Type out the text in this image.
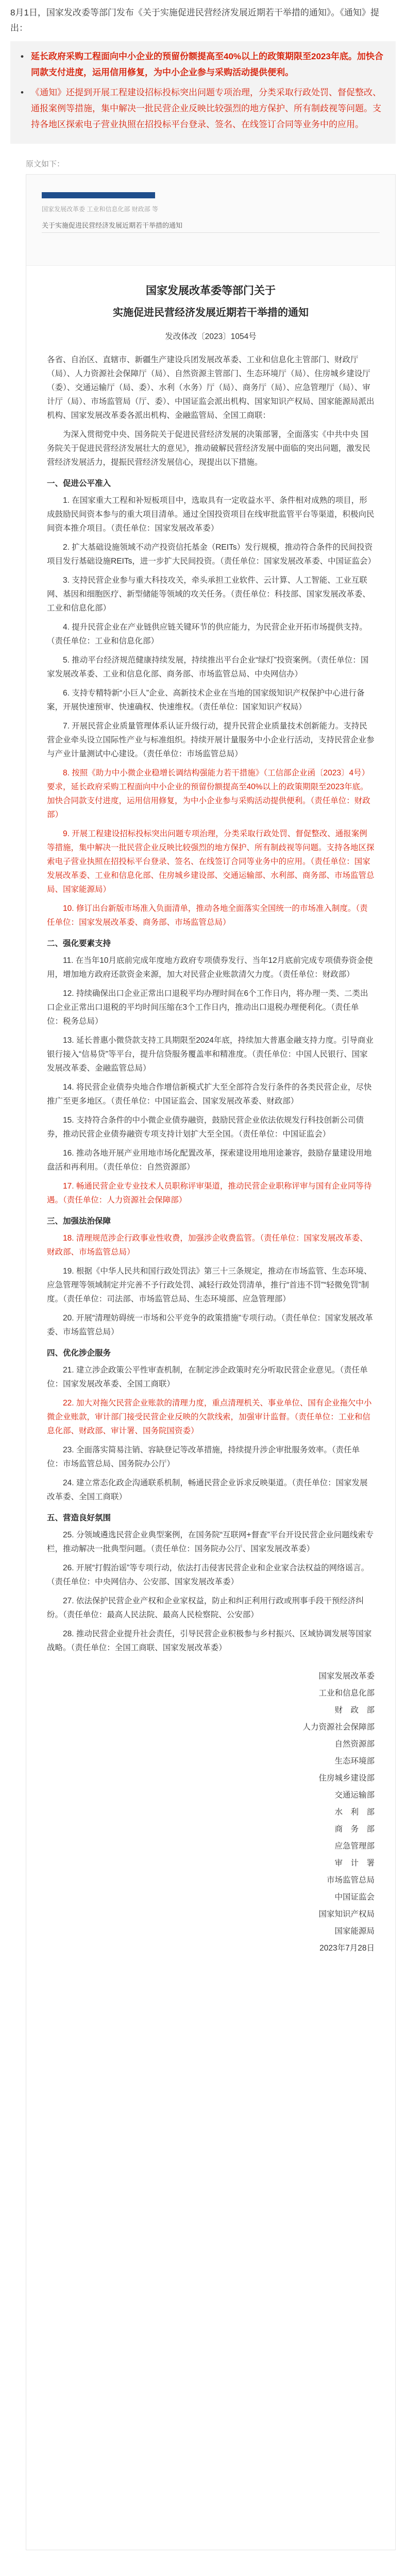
8月1日，国家发改委等部门发布《关于实施促进民营经济发展近期若干举措的通知》。《通知》提出：

• 延长政府采购工程面向中小企业的预留份额提高至40%以上的政策期限至2023年底。加快合同款支付进度，运用信用修复，为中小企业参与采购活动提供便利。
• 《通知》还提到开展工程建设招标投标突出问题专项治理，分类采取行政处罚、督促整改、通报案例等措施，集中解决一批民营企业反映比较强烈的地方保护、所有制歧视等问题。支持各地区探索电子营业执照在招投标平台登录、签名、在线签订合同等业务中的应用。
原文如下：
国家发展改革委 工业和信息化部 财政部 等
关于实施促进民营经济发展近期若干举措的通知
国家发展改革委等部门关于
实施促进民营经济发展近期若干举措的通知
发改体改〔2023〕1054号

各省、自治区、直辖市、新疆生产建设兵团发展改革委、工业和信息化主管部门、财政厅（局）、人力资源社会保障厅（局）、自然资源主管部门、生态环境厅（局）、住房城乡建设厅（委）、交通运输厅（局、委）、水利（水务）厅（局）、商务厅（局）、应急管理厅（局）、审计厅（局）、市场监管局（厅、委）、中国证监会派出机构、国家知识产权局、国家能源局派出机构、国家发展改革委各派出机构、金融监管局、全国工商联：

为深入贯彻党中央、国务院关于促进民营经济发展的决策部署，全面落实《中共中央 国务院关于促进民营经济发展壮大的意见》，推动破解民营经济发展中面临的突出问题，激发民营经济发展活力，提振民营经济发展信心，现提出以下措施。

一、促进公平准入

1. 在国家重大工程和补短板项目中，选取具有一定收益水平、条件相对成熟的项目，形成鼓励民间资本参与的重大项目清单。通过全国投资项目在线审批监管平台等渠道，积极向民间资本推介项目。（责任单位：国家发展改革委）

2. 扩大基础设施领域不动产投资信托基金（REITs）发行规模，推动符合条件的民间投资项目发行基础设施REITs，进一步扩大民间投资。（责任单位：国家发展改革委、中国证监会）

3. 支持民营企业参与重大科技攻关，牵头承担工业软件、云计算、人工智能、工业互联网、基因和细胞医疗、新型储能等领域的攻关任务。（责任单位：科技部、国家发展改革委、工业和信息化部）

4. 提升民营企业在产业链供应链关键环节的供应能力，为民营企业开拓市场提供支持。（责任单位：工业和信息化部）

5. 推动平台经济规范健康持续发展，持续推出平台企业“绿灯”投资案例。（责任单位：国家发展改革委、工业和信息化部、商务部、市场监管总局、中央网信办）

6. 支持专精特新“小巨人”企业、高新技术企业在当地的国家级知识产权保护中心进行备案，开展快速预审、快速确权、快速维权。（责任单位：国家知识产权局）

7. 开展民营企业质量管理体系认证升级行动，提升民营企业质量技术创新能力。支持民营企业牵头设立国际性产业与标准组织。持续开展计量服务中小企业行活动，支持民营企业参与产业计量测试中心建设。（责任单位：市场监管总局）

8. 按照《助力中小微企业稳增长调结构强能力若干措施》（工信部企业函〔2023〕4号）要求，延长政府采购工程面向中小企业的预留份额提高至40%以上的政策期限至2023年底。加快合同款支付进度，运用信用修复，为中小企业参与采购活动提供便利。（责任单位：财政部）

9. 开展工程建设招标投标突出问题专项治理，分类采取行政处罚、督促整改、通报案例等措施，集中解决一批民营企业反映比较强烈的地方保护、所有制歧视等问题。支持各地区探索电子营业执照在招投标平台登录、签名、在线签订合同等业务中的应用。（责任单位：国家发展改革委、工业和信息化部、住房城乡建设部、交通运输部、水利部、商务部、市场监管总局、国家能源局）

10. 修订出台新版市场准入负面清单，推动各地全面落实全国统一的市场准入制度。（责任单位：国家发展改革委、商务部、市场监管总局）

二、强化要素支持

11. 在当年10月底前完成年度地方政府专项债券发行、当年12月底前完成专项债券资金使用，增加地方政府还款资金来源，加大对民营企业账款清欠力度。（责任单位：财政部）

12. 持续确保出口企业正常出口退税平均办理时间在6个工作日内，将办理一类、二类出口企业正常出口退税的平均时间压缩在3个工作日内，推动出口退税办理便利化。（责任单位：税务总局）

13. 延长普惠小微贷款支持工具期限至2024年底，持续加大普惠金融支持力度。引导商业银行接入“信易贷”等平台，提升信贷服务覆盖率和精准度。（责任单位：中国人民银行、国家发展改革委、金融监管总局）

14. 将民营企业债券央地合作增信新模式扩大至全部符合发行条件的各类民营企业，尽快推广至更多地区。（责任单位：中国证监会、国家发展改革委、财政部）

15. 支持符合条件的中小微企业债券融资，鼓励民营企业依法依规发行科技创新公司债券，推动民营企业债券融资专项支持计划扩大至全国。（责任单位：中国证监会）

16. 推动各地开展产业用地市场化配置改革，探索建设用地用途兼容，鼓励存量建设用地盘活和再利用。（责任单位：自然资源部）

17. 畅通民营企业专业技术人员职称评审渠道，推动民营企业职称评审与国有企业同等待遇。（责任单位：人力资源社会保障部）

三、加强法治保障

18. 清理规范涉企行政事业性收费，加强涉企收费监管。（责任单位：国家发展改革委、财政部、市场监管总局）

19. 根据《中华人民共和国行政处罚法》第三十三条规定，推动在市场监管、生态环境、应急管理等领域制定并完善不予行政处罚、减轻行政处罚清单，推行“首违不罚”“轻微免罚”制度。（责任单位：司法部、市场监管总局、生态环境部、应急管理部）

20. 开展“清理妨碍统一市场和公平竞争的政策措施”专项行动。（责任单位：国家发展改革委、市场监管总局）

四、优化涉企服务

21. 建立涉企政策公平性审查机制，在制定涉企政策时充分听取民营企业意见。（责任单位：国家发展改革委、全国工商联）

22. 加大对拖欠民营企业账款的清理力度，重点清理机关、事业单位、国有企业拖欠中小微企业账款，审计部门接受民营企业反映的欠款线索，加强审计监督。（责任单位：工业和信息化部、财政部、审计署、国务院国资委）

23. 全面落实简易注销、容缺登记等改革措施，持续提升涉企审批服务效率。（责任单位：市场监管总局、国务院办公厅）

24. 建立常态化政企沟通联系机制，畅通民营企业诉求反映渠道。（责任单位：国家发展改革委、全国工商联）

五、营造良好氛围

25. 分领域遴选民营企业典型案例，在国务院“互联网+督查”平台开设民营企业问题线索专栏，推动解决一批典型问题。（责任单位：国务院办公厅、国家发展改革委）

26. 开展“打假治谣”等专项行动，依法打击侵害民营企业和企业家合法权益的网络谣言。（责任单位：中央网信办、公安部、国家发展改革委）

27. 依法保护民营企业产权和企业家权益，防止和纠正利用行政或刑事手段干预经济纠纷。（责任单位：最高人民法院、最高人民检察院、公安部）

28. 推动民营企业提升社会责任，引导民营企业积极参与乡村振兴、区域协调发展等国家战略。（责任单位：全国工商联、国家发展改革委）

国家发展改革委
工业和信息化部
财　政　部
人力资源社会保障部
自然资源部
生态环境部
住房城乡建设部
交通运输部
水　利　部
商　务　部
应急管理部
审　计　署
市场监管总局
中国证监会
国家知识产权局
国家能源局
2023年7月28日
